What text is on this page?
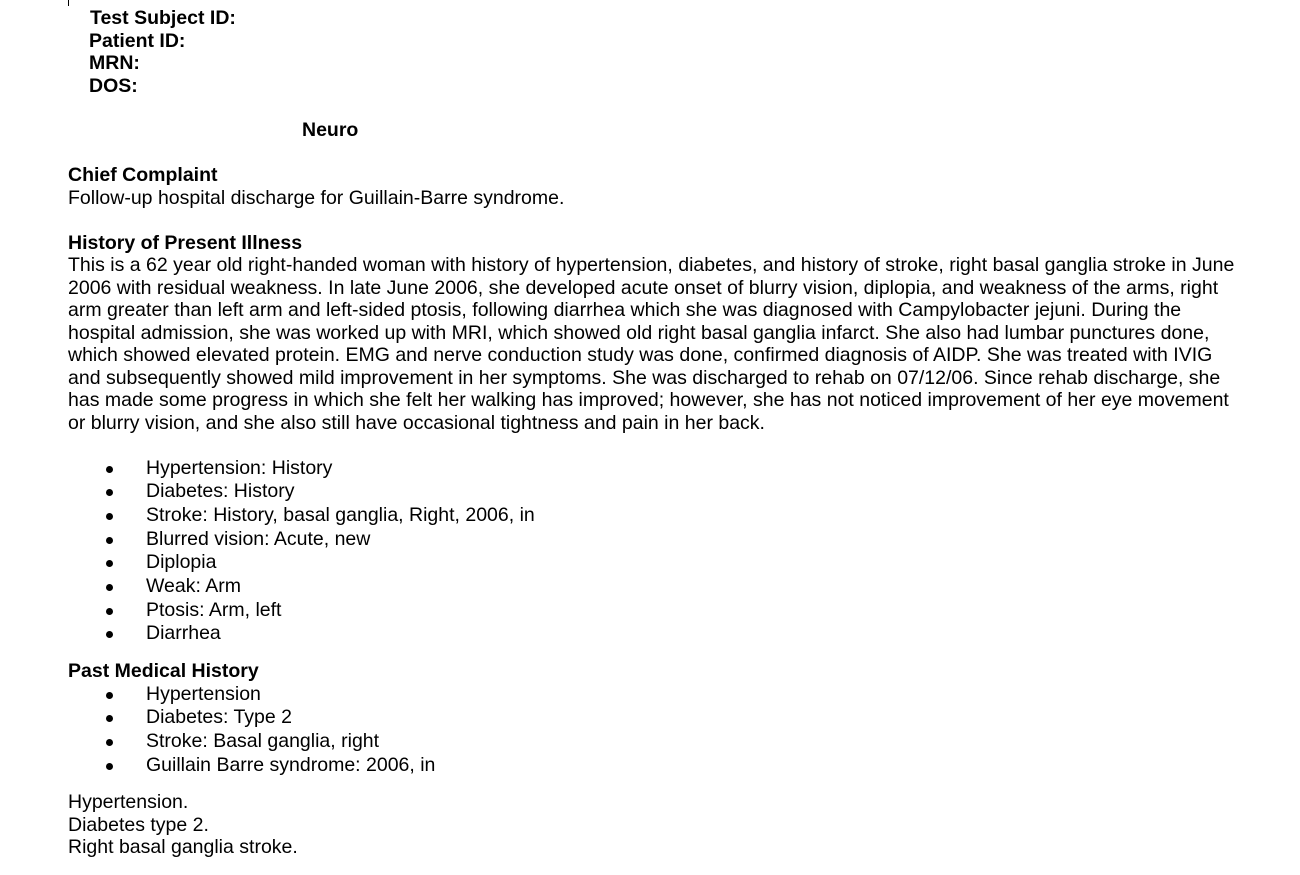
Test Subject ID:
Patient ID:
MRN:
DOS:
Neuro

Chief Complaint

Follow-up hospital discharge for Guillain-Barre syndrome.

History of Present Illness

This is a 62 year old right-handed woman with history of hypertension, diabetes, and history of stroke, right basal ganglia stroke in June 2006 with residual weakness. In late June 2006, she developed acute onset of blurry vision, diplopia, and weakness of the arms, right arm greater than left arm and left-sided ptosis, following diarrhea which she was diagnosed with Campylobacter jejuni. During the hospital admission, she was worked up with MRI, which showed old right basal ganglia infarct. She also had lumbar punctures done, which showed elevated protein. EMG and nerve conduction study was done, confirmed diagnosis of AIDP. She was treated with IVIG and subsequently showed mild improvement in her symptoms. She was discharged to rehab on 07/12/06. Since rehab discharge, she has made some progress in which she felt her walking has improved; however, she has not noticed improvement of her eye movement or blurry vision, and she also still have occasional tightness and pain in her back.

Hypertension: History
Diabetes: History
Stroke: History, basal ganglia, Right, 2006, in
Blurred vision: Acute, new
Diplopia
Weak: Arm
Ptosis: Arm, left
Diarrhea

Past Medical History

Hypertension
Diabetes: Type 2
Stroke: Basal ganglia, right
Guillain Barre syndrome: 2006, in

Hypertension.

Diabetes type 2.

Right basal ganglia stroke.
